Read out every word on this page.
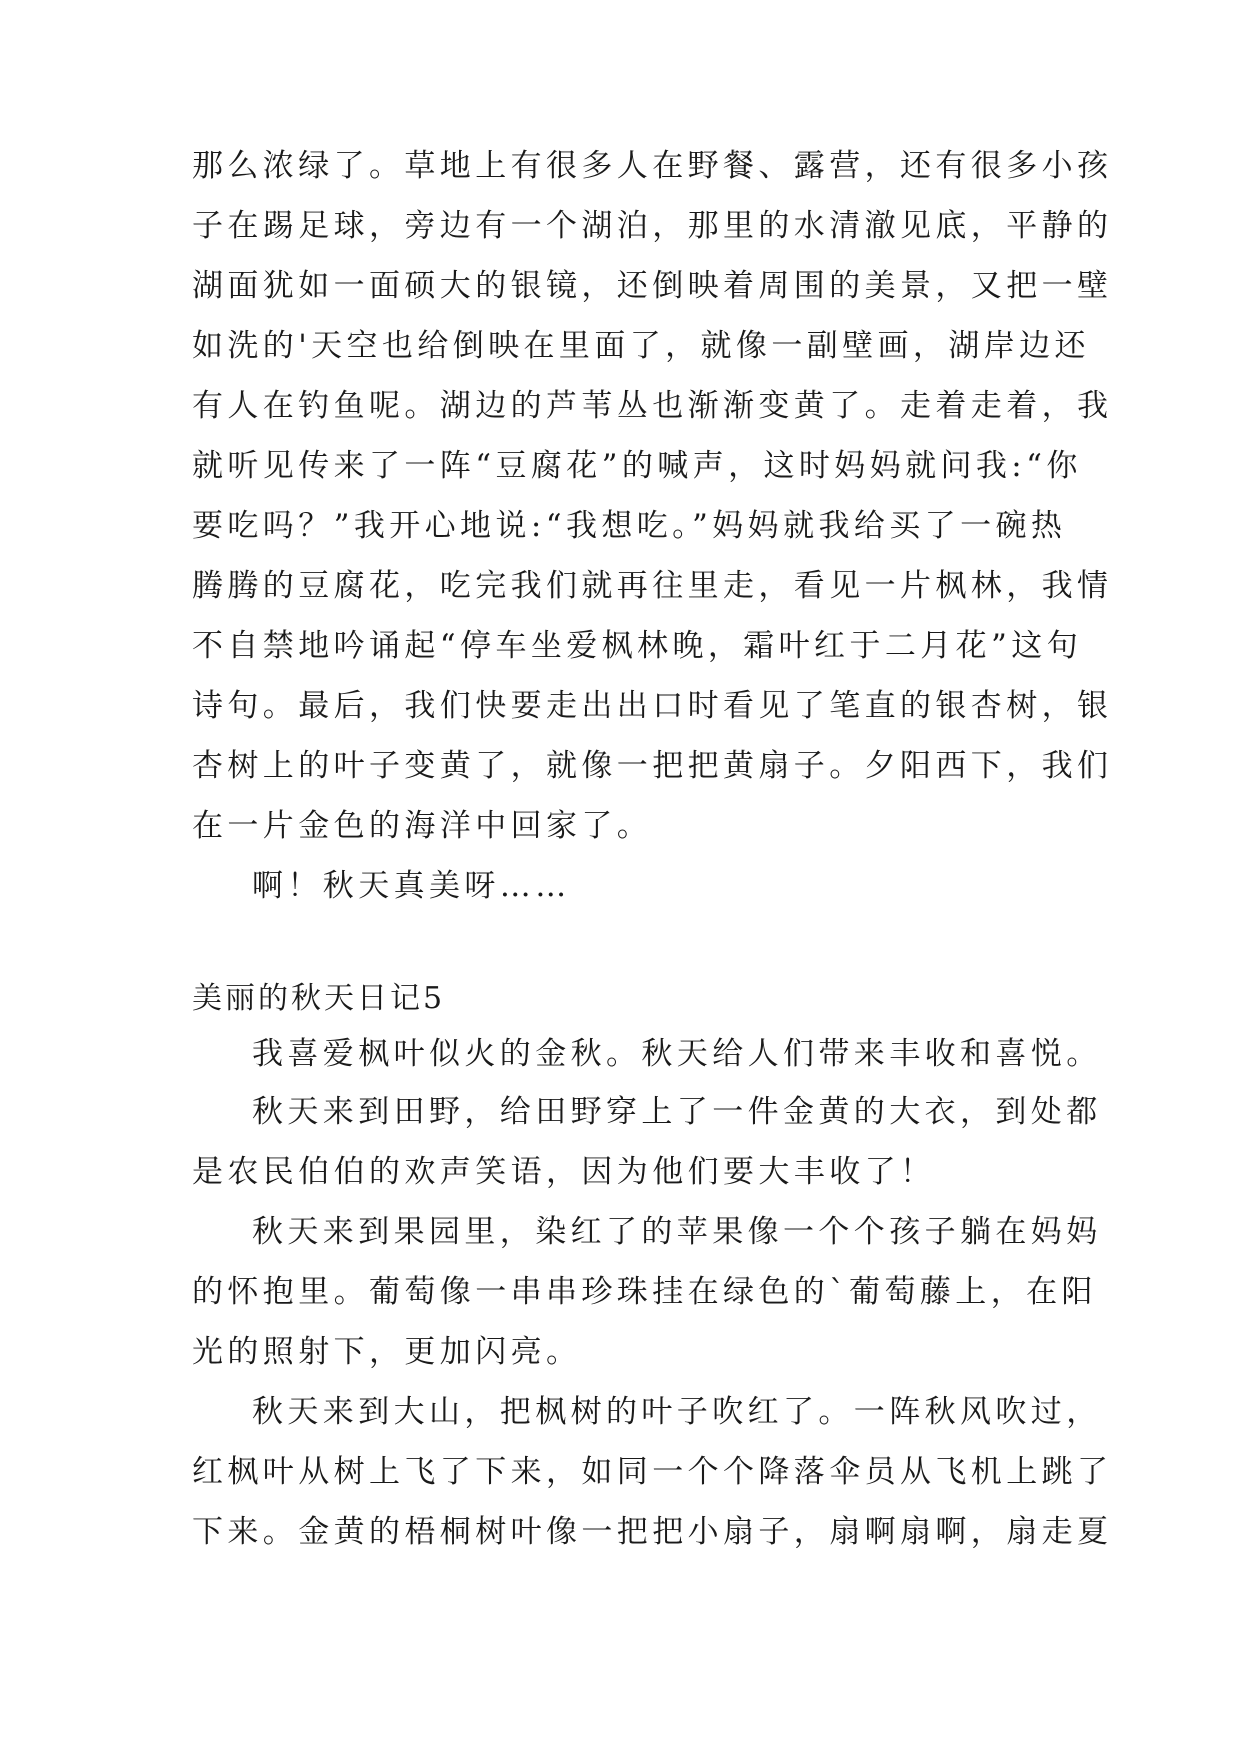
那么浓绿了。草地上有很多人在野餐、露营，还有很多小孩
子在踢足球，旁边有一个湖泊，那里的水清澈见底，平静的
湖面犹如一面硕大的银镜，还倒映着周围的美景，又把一壁
如洗的'天空也给倒映在里面了，就像一副壁画，湖岸边还
有人在钓鱼呢。湖边的芦苇丛也渐渐变黄了。走着走着，我
就听见传来了一阵“豆腐花”的喊声，这时妈妈就问我:“你
要吃吗？”我开心地说:“我想吃。”妈妈就我给买了一碗热
腾腾的豆腐花，吃完我们就再往里走，看见一片枫林，我情
不自禁地吟诵起“停车坐爱枫林晚，霜叶红于二月花”这句
诗句。最后，我们快要走出出口时看见了笔直的银杏树，银
杏树上的叶子变黄了，就像一把把黄扇子。夕阳西下，我们
在一片金色的海洋中回家了。
啊！秋天真美呀……
美丽的秋天日记5
我喜爱枫叶似火的金秋。秋天给人们带来丰收和喜悦。
秋天来到田野，给田野穿上了一件金黄的大衣，到处都
是农民伯伯的欢声笑语，因为他们要大丰收了！
秋天来到果园里，染红了的苹果像一个个孩子躺在妈妈
的怀抱里。葡萄像一串串珍珠挂在绿色的`葡萄藤上，在阳
光的照射下，更加闪亮。
秋天来到大山，把枫树的叶子吹红了。一阵秋风吹过，
红枫叶从树上飞了下来，如同一个个降落伞员从飞机上跳了
下来。金黄的梧桐树叶像一把把小扇子，扇啊扇啊，扇走夏
